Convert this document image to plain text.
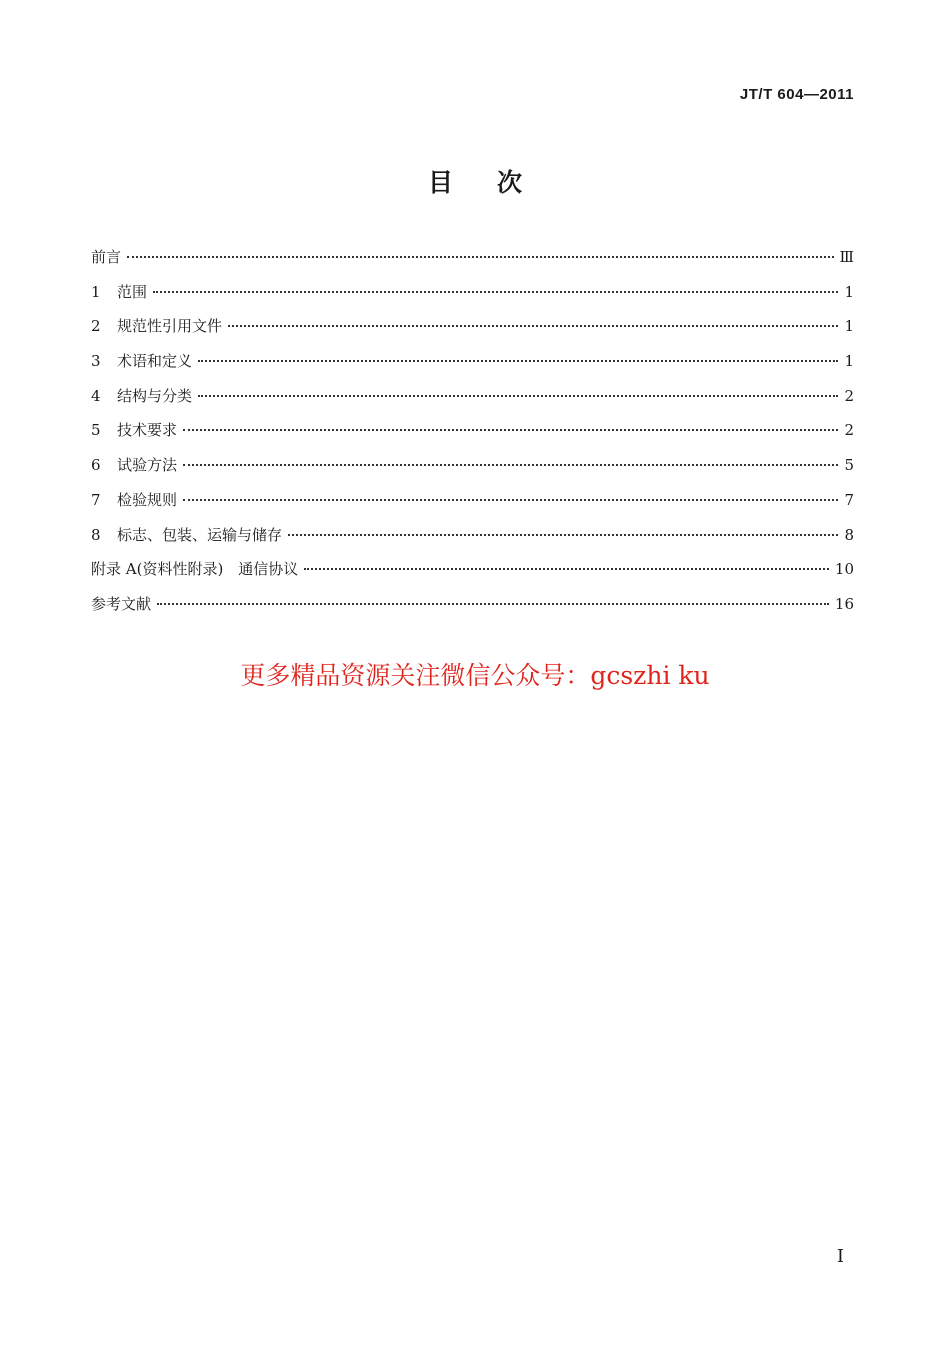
JT/T 604—2011
目次
前言	Ⅲ
1	范围	1
2	规范性引用文件	1
3	术语和定义	1
4	结构与分类	2
5	技术要求	2
6	试验方法	5
7	检验规则	7
8	标志、包装、运输与储存	8
附录 A(资料性附录)　通信协议	10
参考文献	16
更多精品资源关注微信公众号：gcszhi ku
I
